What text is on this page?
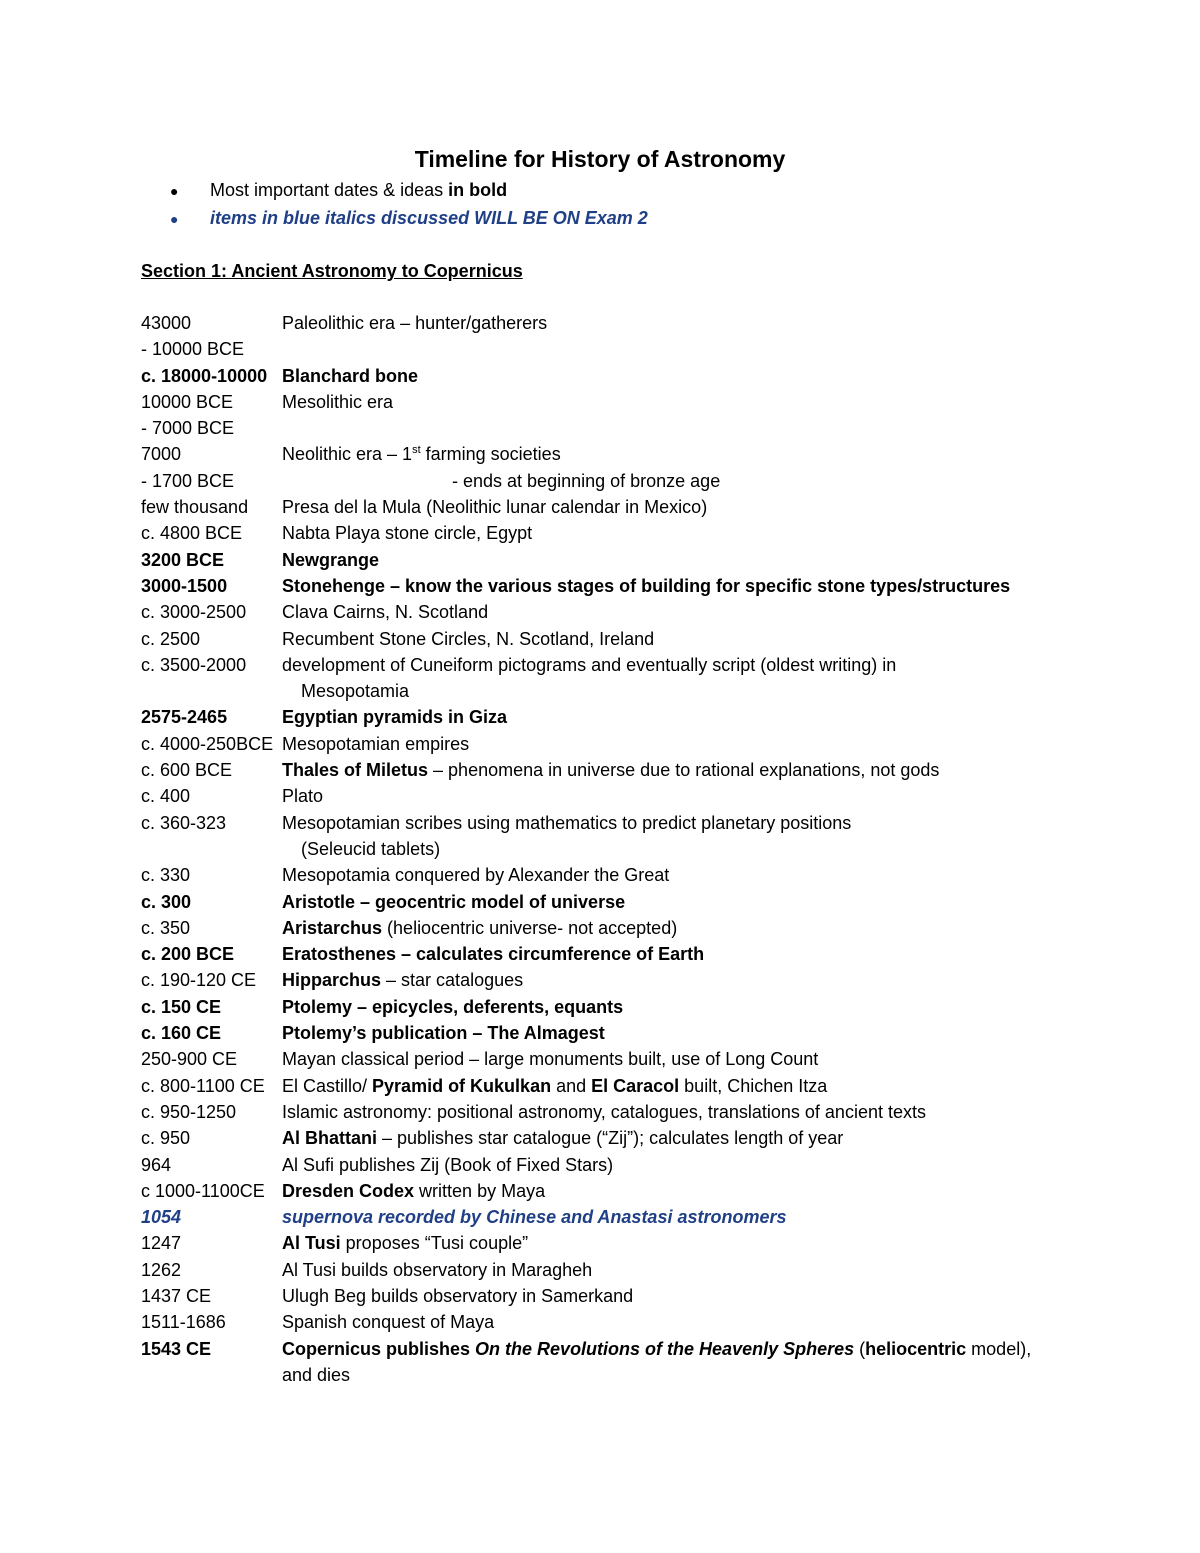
Timeline for History of Astronomy
● Most important dates & ideas in bold
● items in blue italics discussed WILL BE ON Exam 2
Section 1: Ancient Astronomy to Copernicus
43000	Paleolithic era – hunter/gatherers
- 10000 BCE
c. 18000-10000 Blanchard bone
10000 BCE	Mesolithic era
- 7000 BCE
7000	Neolithic era – 1st farming societies
- 1700 BCE	- ends at beginning of bronze age
few thousand Presa del la Mula (Neolithic lunar calendar in Mexico)
c. 4800 BCE Nabta Playa stone circle, Egypt
3200 BCE	Newgrange
3000-1500	Stonehenge – know the various stages of building for specific stone types/structures
c. 3000-2500 Clava Cairns, N. Scotland
c. 2500	Recumbent Stone Circles, N. Scotland, Ireland
c. 3500-2000 development of Cuneiform pictograms and eventually script (oldest writing) in
Mesopotamia
2575-2465	Egyptian pyramids in Giza
c. 4000-250BCE Mesopotamian empires
c. 600 BCE	Thales of Miletus – phenomena in universe due to rational explanations, not gods
c. 400	Plato
c. 360-323	Mesopotamian scribes using mathematics to predict planetary positions
(Seleucid tablets)
c. 330	Mesopotamia conquered by Alexander the Great
c. 300	Aristotle – geocentric model of universe
c. 350	Aristarchus (heliocentric universe- not accepted)
c. 200 BCE	Eratosthenes – calculates circumference of Earth
c. 190-120 CE Hipparchus – star catalogues
c. 150 CE	Ptolemy – epicycles, deferents, equants
c. 160 CE	Ptolemy’s publication – The Almagest
250-900 CE Mayan classical period – large monuments built, use of Long Count
c. 800-1100 CE El Castillo/ Pyramid of Kukulkan and El Caracol built, Chichen Itza
c. 950-1250	Islamic astronomy: positional astronomy, catalogues, translations of ancient texts
c. 950	Al Bhattani – publishes star catalogue (“Zij”); calculates length of year
964	Al Sufi publishes Zij (Book of Fixed Stars)
c 1000-1100CE Dresden Codex written by Maya
1054	supernova recorded by Chinese and Anastasi astronomers
1247	Al Tusi proposes “Tusi couple”
1262	Al Tusi builds observatory in Maragheh
1437 CE	Ulugh Beg builds observatory in Samerkand
1511-1686	Spanish conquest of Maya
1543 CE	Copernicus publishes On the Revolutions of the Heavenly Spheres (heliocentric model),
and dies
